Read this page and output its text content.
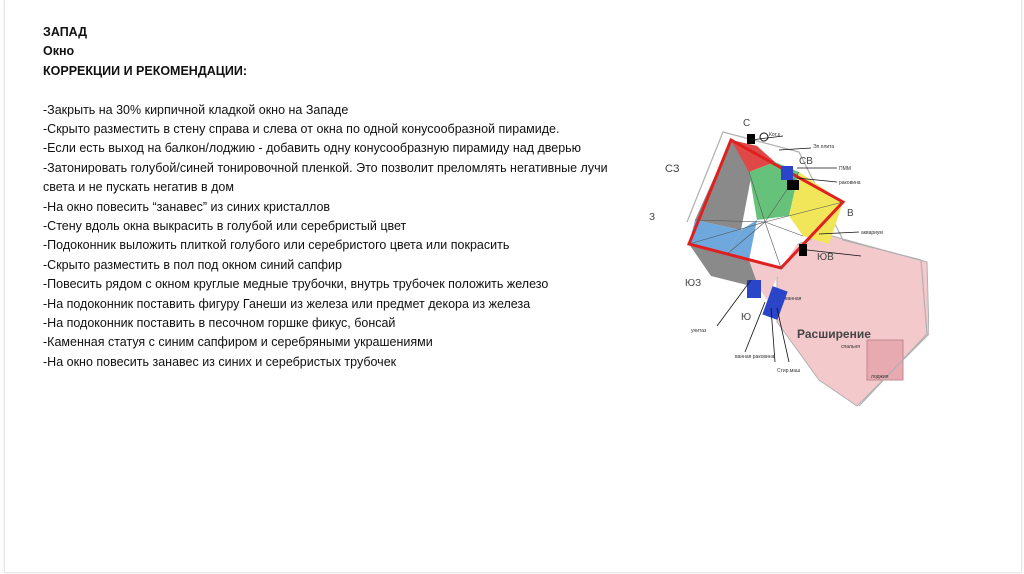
ЗАПАД
Окно
КОРРЕКЦИИ И РЕКОМЕНДАЦИИ:
-Закрыть на 30% кирпичной кладкой окно на Западе
-Скрыто разместить в стену справа и слева от окна по одной конусообразной пирамиде.
-Если есть выход на балкон/лоджию - добавить одну конусообразную пирамиду над дверью
-Затонировать голубой/синей тонировочной пленкой. Это позволит преломлять негативные лучи света и не пускать негатив в дом
-На окно повесить “занавес” из синих кристаллов
-Стену вдоль окна выкрасить в голубой или серебристый цвет
-Подоконник выложить плиткой голубого или серебристого цвета или покрасить
-Скрыто разместить в пол под окном синий сапфир
-Повесить рядом с окном круглые медные трубочки, внутрь трубочек положить железо
-На подоконник поставить фигуру Ганеши из железа или предмет декора из железа
-На подоконник поставить в песочном горшке фикус, бонсай
-Каменная статуя с синим сапфиром и серебряными украшениями
-На окно повесить занавес из синих и серебристых трубочек
С
СЗ
СВ
З	В
ЮЗ
ЮВ
Ю
Расширение
спальня
Кот.к
Эл.плита
ПММ
раковина
аквариум
унитаз
ванная раковина
Стир.маш
ванная
лоджия
